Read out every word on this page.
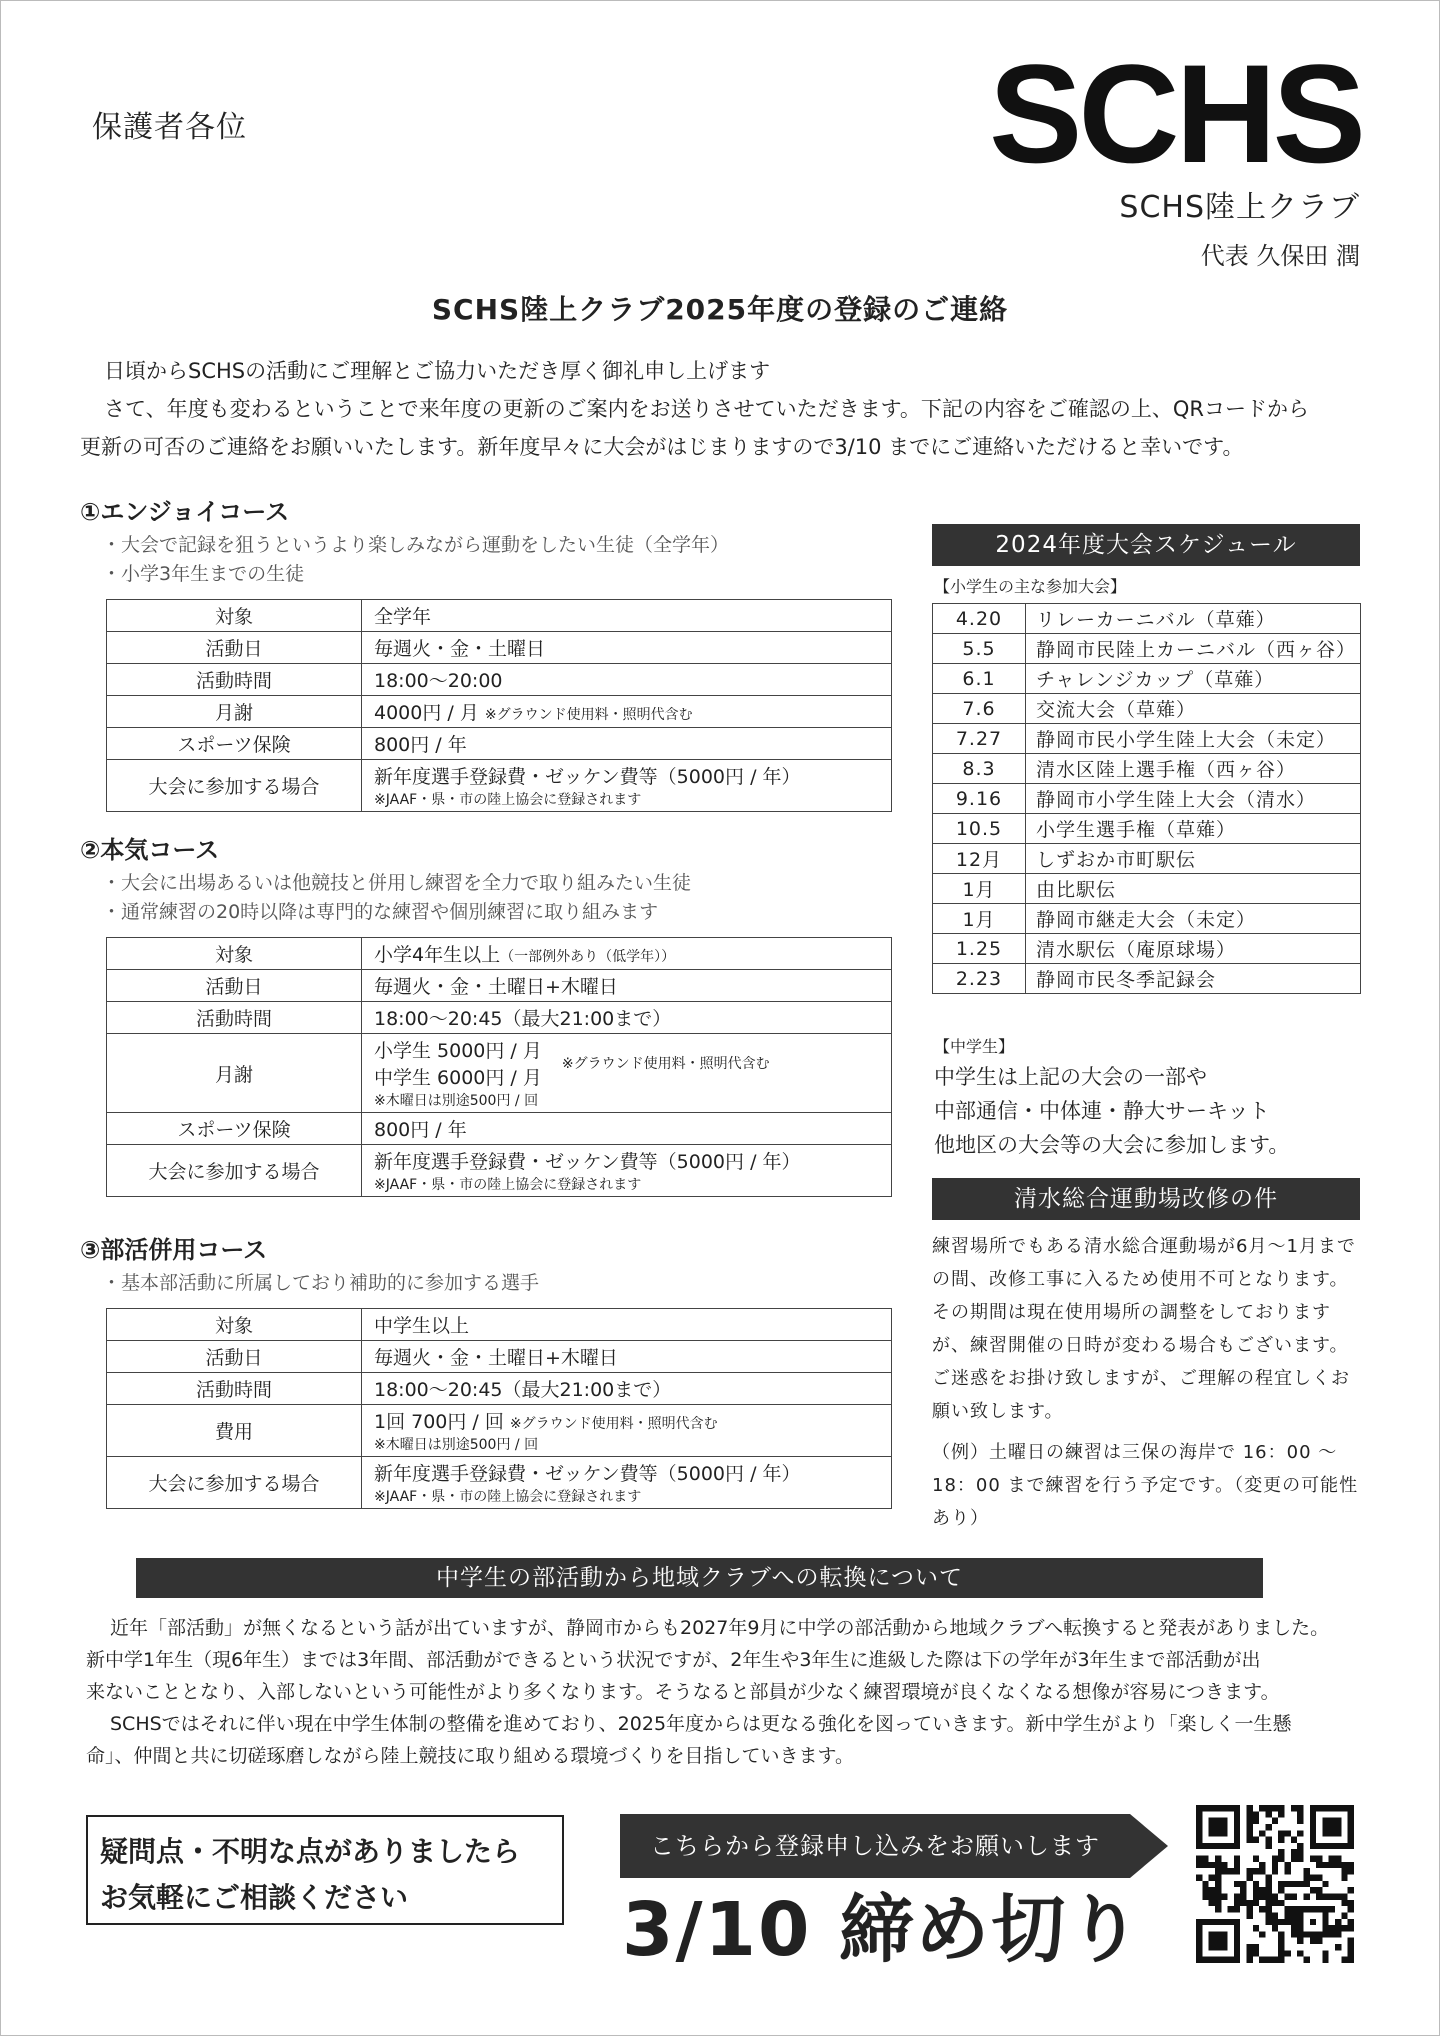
保護者各位	SCHS
SCHS陸上クラブ
代表 久保田 潤
SCHS陸上クラブ2025年度の登録のご連絡

日頃からSCHSの活動にご理解とご協力いただき厚く御礼申し上げます

さて、年度も変わるということで来年度の更新のご案内をお送りさせていただきます。下記の内容をご確認の上、QRコードから

更新の可否のご連絡をお願いいたします。新年度早々に大会がはじまりますので3/10 までにご連絡いただけると幸いです。

①エンジョイコース

・大会で記録を狙うというより楽しみながら運動をしたい生徒（全学年）

・小学3年生までの生徒

対象	全学年
活動日	毎週火・金・土曜日
活動時間	18:00～20:00
月謝	4000円 / 月 ※グラウンド使用料・照明代含む
スポーツ保険	800円 / 年
大会に参加する場合	新年度選手登録費・ゼッケン費等（5000円 / 年）
※JAAF・県・市の陸上協会に登録されます
②本気コース

・大会に出場あるいは他競技と併用し練習を全力で取り組みたい生徒

・通常練習の20時以降は専門的な練習や個別練習に取り組みます

対象	小学4年生以上（一部例外あり（低学年））
活動日	毎週火・金・土曜日+木曜日
活動時間	18:00～20:45（最大21:00まで）
月謝	小学生 5000円 / 月
中学生 6000円 / 月
※グラウンド使用料・照明代含む
※木曜日は別途500円 / 回

スポーツ保険	800円 / 年
大会に参加する場合	新年度選手登録費・ゼッケン費等（5000円 / 年）
※JAAF・県・市の陸上協会に登録されます
③部活併用コース

・基本部活動に所属しており補助的に参加する選手

対象	中学生以上
活動日	毎週火・金・土曜日+木曜日
活動時間	18:00～20:45（最大21:00まで）
費用	1回 700円 / 回 ※グラウンド使用料・照明代含む
※木曜日は別途500円 / 回

大会に参加する場合	新年度選手登録費・ゼッケン費等（5000円 / 年）
※JAAF・県・市の陸上協会に登録されます
2024年度大会スケジュール
【小学生の主な参加大会】
4.20	リレーカーニバル（草薙）
5.5	静岡市民陸上カーニバル（西ヶ谷）
6.1	チャレンジカップ（草薙）
7.6	交流大会（草薙）
7.27	静岡市民小学生陸上大会（未定）
8.3	清水区陸上選手権（西ヶ谷）
9.16	静岡市小学生陸上大会（清水）
10.5	小学生選手権（草薙）
12月	しずおか市町駅伝
1月	由比駅伝
1月	静岡市継走大会（未定）
1.25	清水駅伝（庵原球場）
2.23	静岡市民冬季記録会
【中学生】

中学生は上記の大会の一部や

中部通信・中体連・静大サーキット

他地区の大会等の大会に参加します。

清水総合運動場改修の件

練習場所でもある清水総合運動場が6月～1月までの間、改修工事に入るため使用不可となります。その期間は現在使用場所の調整をしておりますが、練習開催の日時が変わる場合もございます。ご迷惑をお掛け致しますが、ご理解の程宜しくお願い致します。

（例）土曜日の練習は三保の海岸で 16：00 ～ 18：00 まで練習を行う予定です。（変更の可能性あり）

中学生の部活動から地域クラブへの転換について

近年「部活動」が無くなるという話が出ていますが、静岡市からも2027年9月に中学の部活動から地域クラブへ転換すると発表がありました。

新中学1年生（現6年生）までは3年間、部活動ができるという状況ですが、2年生や3年生に進級した際は下の学年が3年生まで部活動が出

来ないこととなり、入部しないという可能性がより多くなります。そうなると部員が少なく練習環境が良くなくなる想像が容易につきます。

SCHSではそれに伴い現在中学生体制の整備を進めており、2025年度からは更なる強化を図っていきます。新中学生がより「楽しく一生懸

命」、仲間と共に切磋琢磨しながら陸上競技に取り組める環境づくりを目指していきます。

疑問点・不明な点がありましたら

お気軽にご相談ください

こちらから登録申し込みをお願いします
3/10 締め切り
